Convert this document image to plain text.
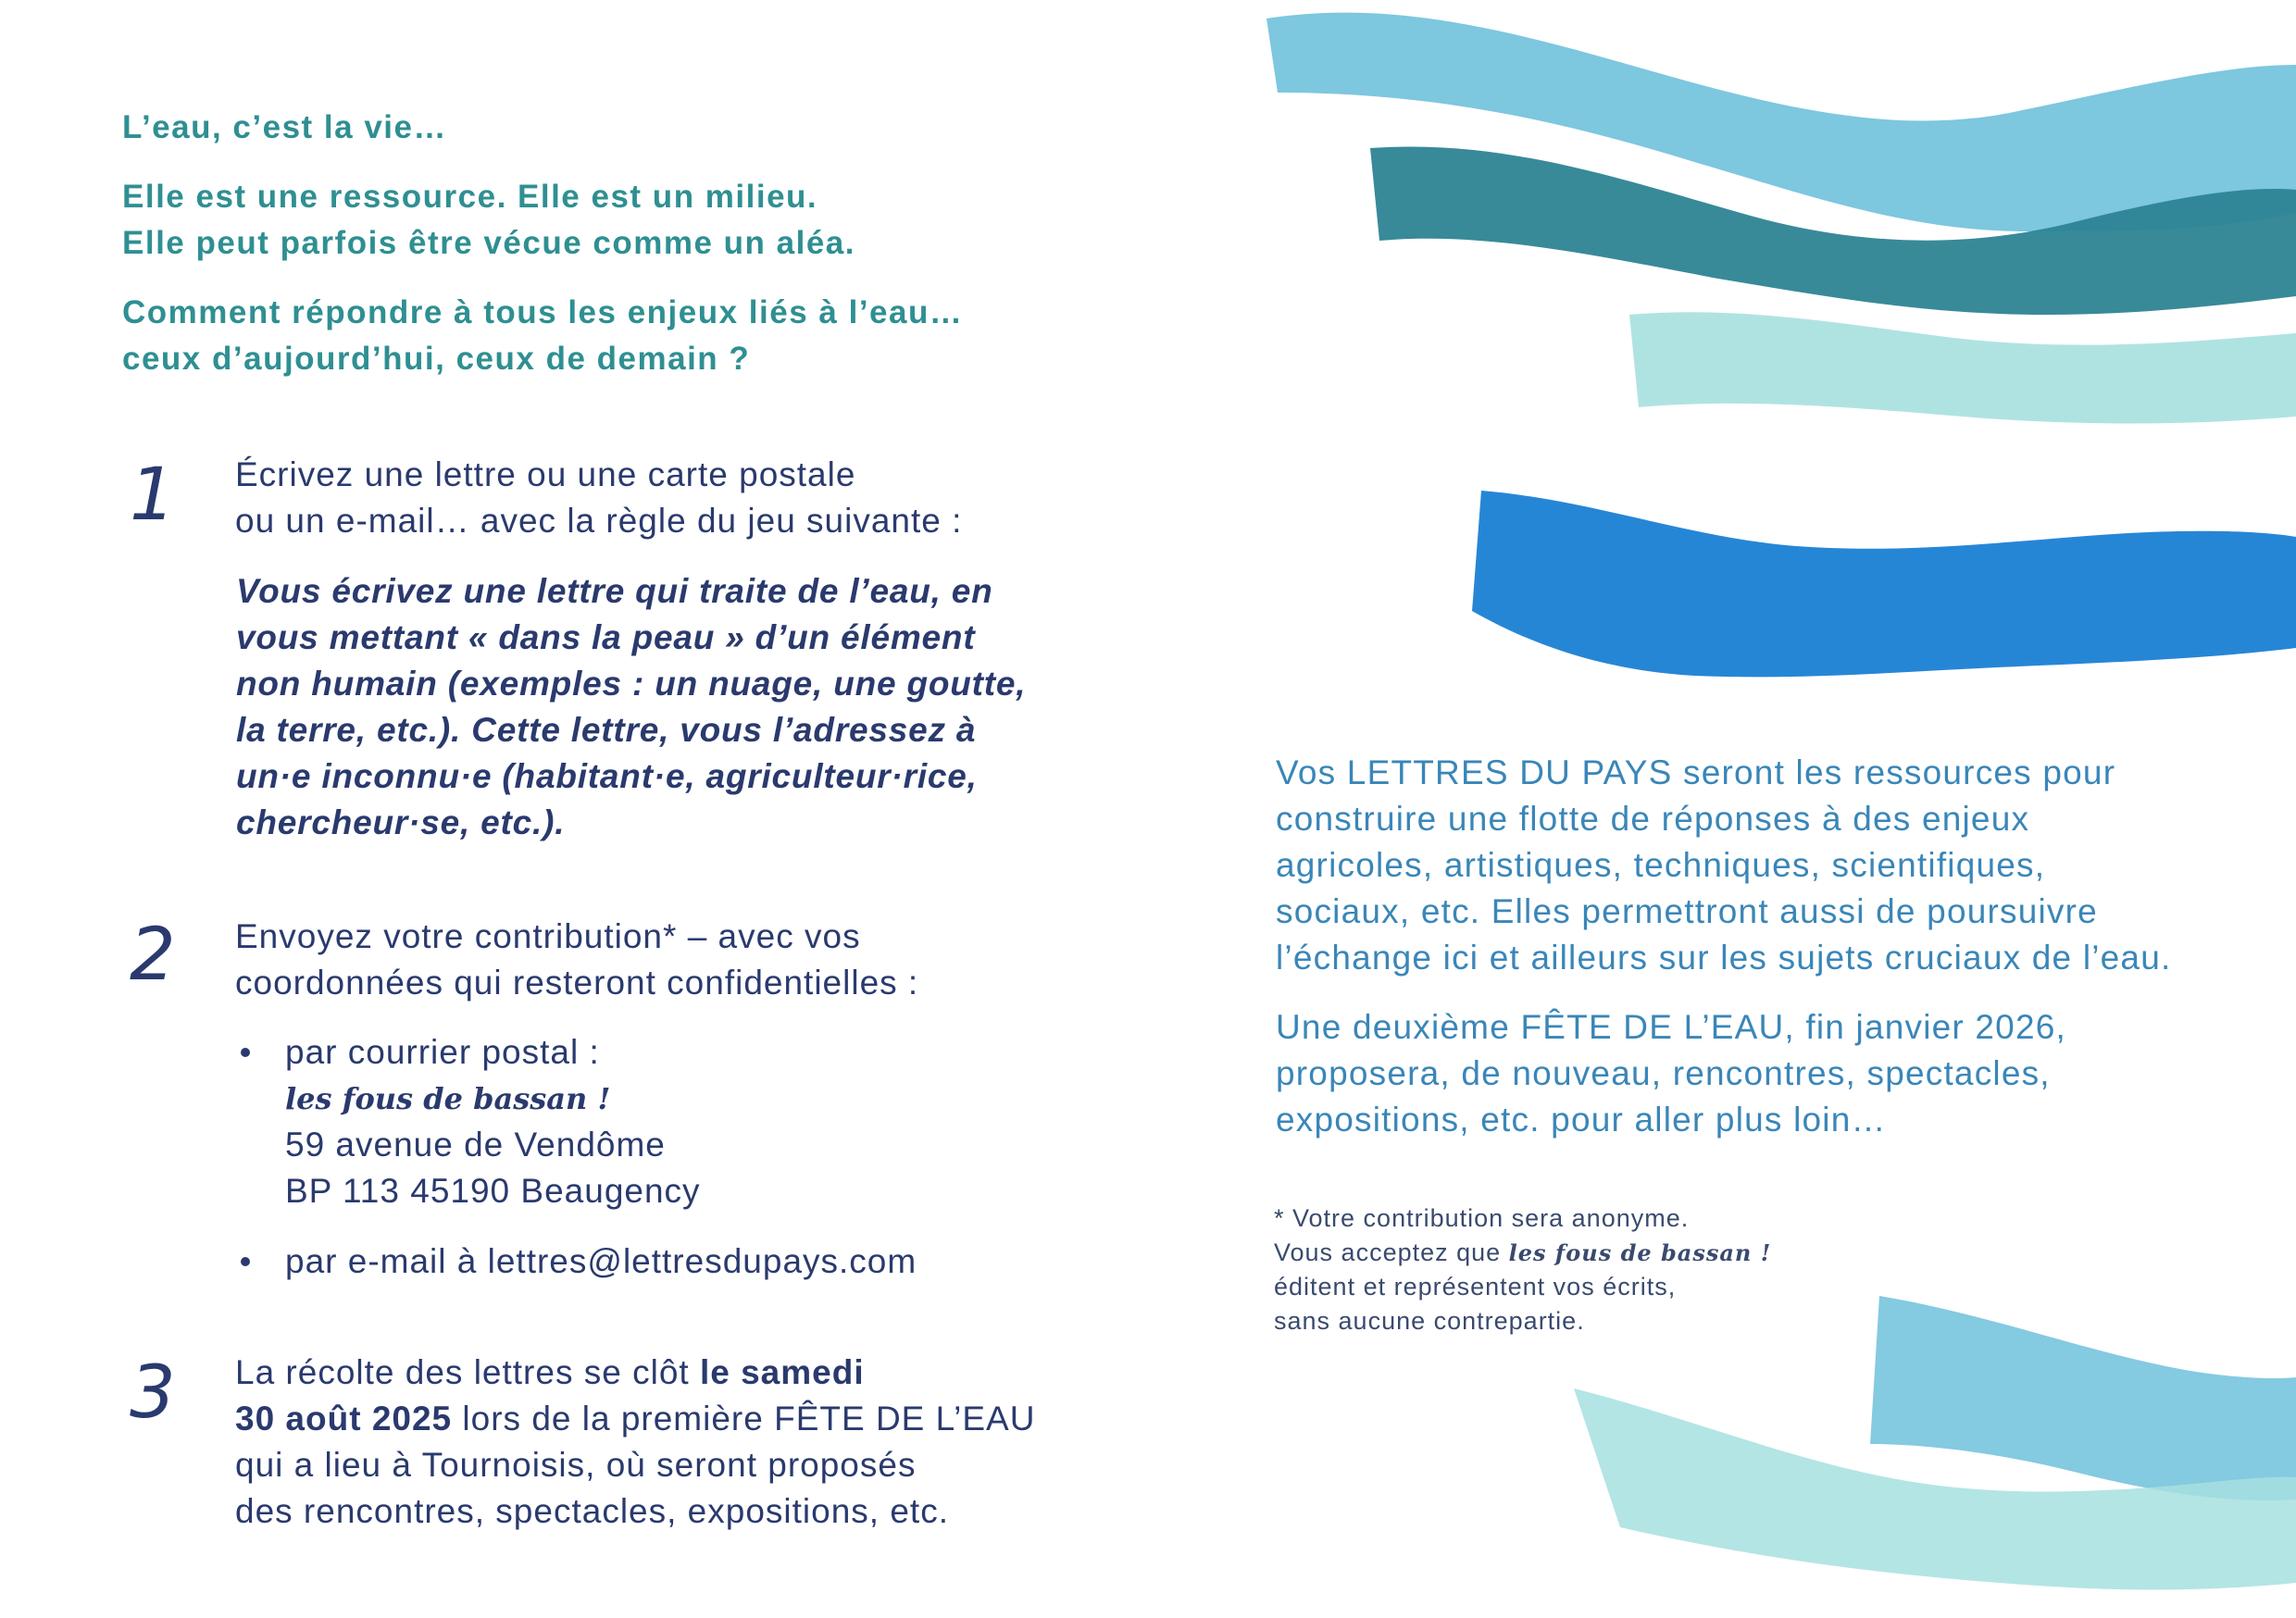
L’eau, c’est la vie…
Elle est une ressource. Elle est un milieu.
Elle peut parfois être vécue comme un aléa.
Comment répondre à tous les enjeux liés à l’eau…
ceux d’aujourd’hui, ceux de demain ?
1 Écrivez une lettre ou une carte postale
ou un e-mail… avec la règle du jeu suivante :
Vous écrivez une lettre qui traite de l’eau, en
vous mettant « dans la peau » d’un élément
non humain (exemples : un nuage, une goutte,
la terre, etc.). Cette lettre, vous l’adressez à
un·e inconnu·e (habitant·e, agriculteur·rice,
chercheur·se, etc.).
2 Envoyez votre contribution* – avec vos
coordonnées qui resteront confidentielles :
par courrier postal :
les fous de bassan !
59 avenue de Vendôme
BP 113 45190 Beaugency
par e-mail à lettres@lettresdupays.com
3 La récolte des lettres se clôt le samedi
30 août 2025 lors de la première FÊTE DE L’EAU
qui a lieu à Tournoisis, où seront proposés
des rencontres, spectacles, expositions, etc.
Vos LETTRES DU PAYS seront les ressources pour
construire une flotte de réponses à des enjeux
agricoles, artistiques, techniques, scientifiques,
sociaux, etc. Elles permettront aussi de poursuivre
l’échange ici et ailleurs sur les sujets cruciaux de l’eau.
Une deuxième FÊTE DE L’EAU, fin janvier 2026,
proposera, de nouveau, rencontres, spectacles,
expositions, etc. pour aller plus loin…
* Votre contribution sera anonyme.
Vous acceptez que les fous de bassan !
éditent et représentent vos écrits,
sans aucune contrepartie.
